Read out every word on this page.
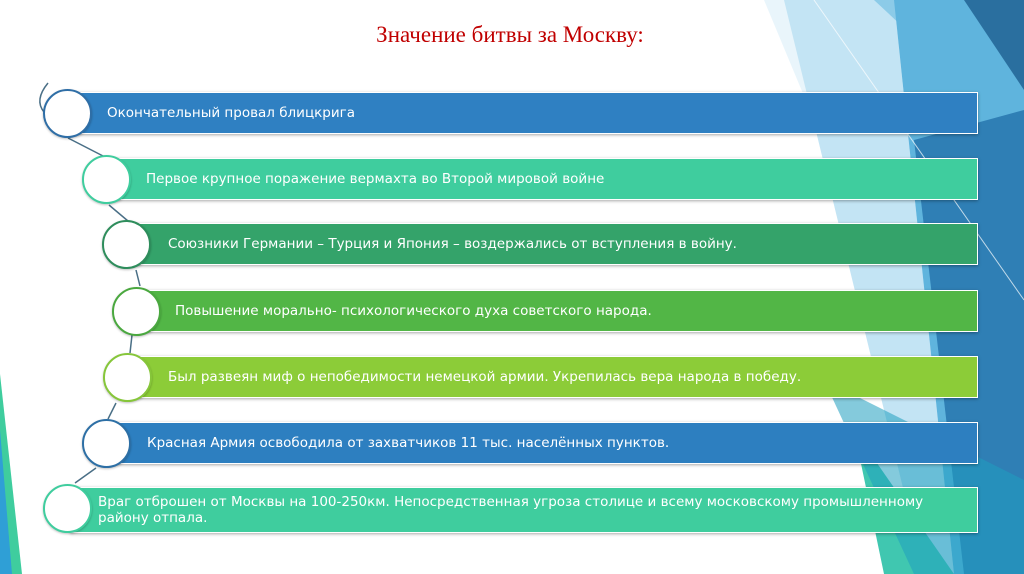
Значение битвы за Москву:
Окончательный провал блицкрига
Первое крупное поражение вермахта во Второй мировой войне
Союзники Германии – Турция и Япония – воздержались от вступления в войну.
Повышение морально- психологического духа советского народа.
Был развеян миф о непобедимости немецкой армии. Укрепилась вера народа в победу.
Красная Армия освободила от захватчиков 11 тыс. населённых пунктов.
Враг отброшен от Москвы на 100-250км. Непосредственная угроза столице и всему московскому промышленному району отпала.
